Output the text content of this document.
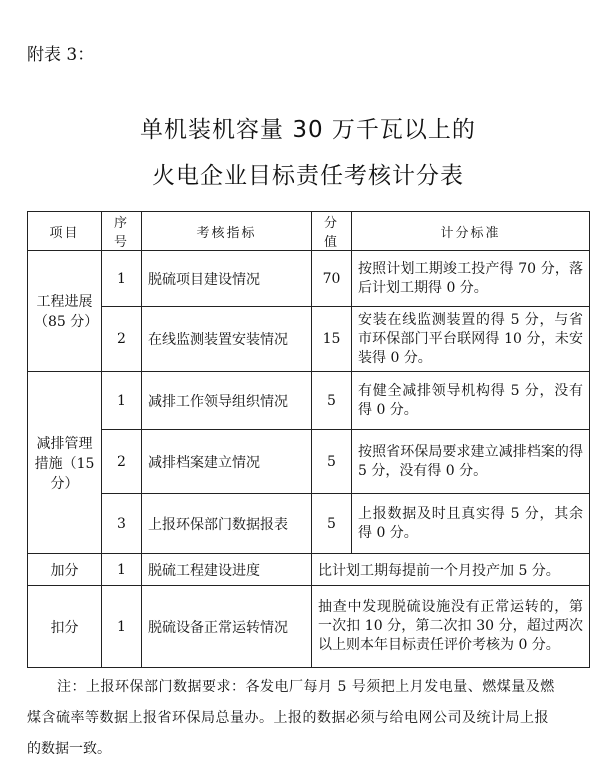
附表 3：
单机装机容量 30 万千瓦以上的
火电企业目标责任考核计分表
项目	序号	考核指标	分值	计分标准
工程进展（85 分）	1	脱硫项目建设情况	70	按照计划工期竣工投产得 70 分，落后计划工期得 0 分。
	2	在线监测装置安装情况	15	安装在线监测装置的得 5 分，与省市环保部门平台联网得 10 分，未安装得 0 分。
减排管理措施（15 分）	1	减排工作领导组织情况	5	有健全减排领导机构得 5 分，没有得 0 分。
	2	减排档案建立情况	5	按照省环保局要求建立减排档案的得 5 分，没有得 0 分。
	3	上报环保部门数据报表	5	上报数据及时且真实得 5 分，其余得 0 分。
加分	1	脱硫工程建设进度	比计划工期每提前一个月投产加 5 分。	
扣分	1	脱硫设备正常运转情况	抽查中发现脱硫设施没有正常运转的，第一次扣 10 分，第二次扣 30 分，超过两次以上则本年目标责任评价考核为 0 分。	

注：上报环保部门数据要求：各发电厂每月 5 号须把上月发电量、燃煤量及燃

煤含硫率等数据上报省环保局总量办。上报的数据必须与给电网公司及统计局上报

的数据一致。
